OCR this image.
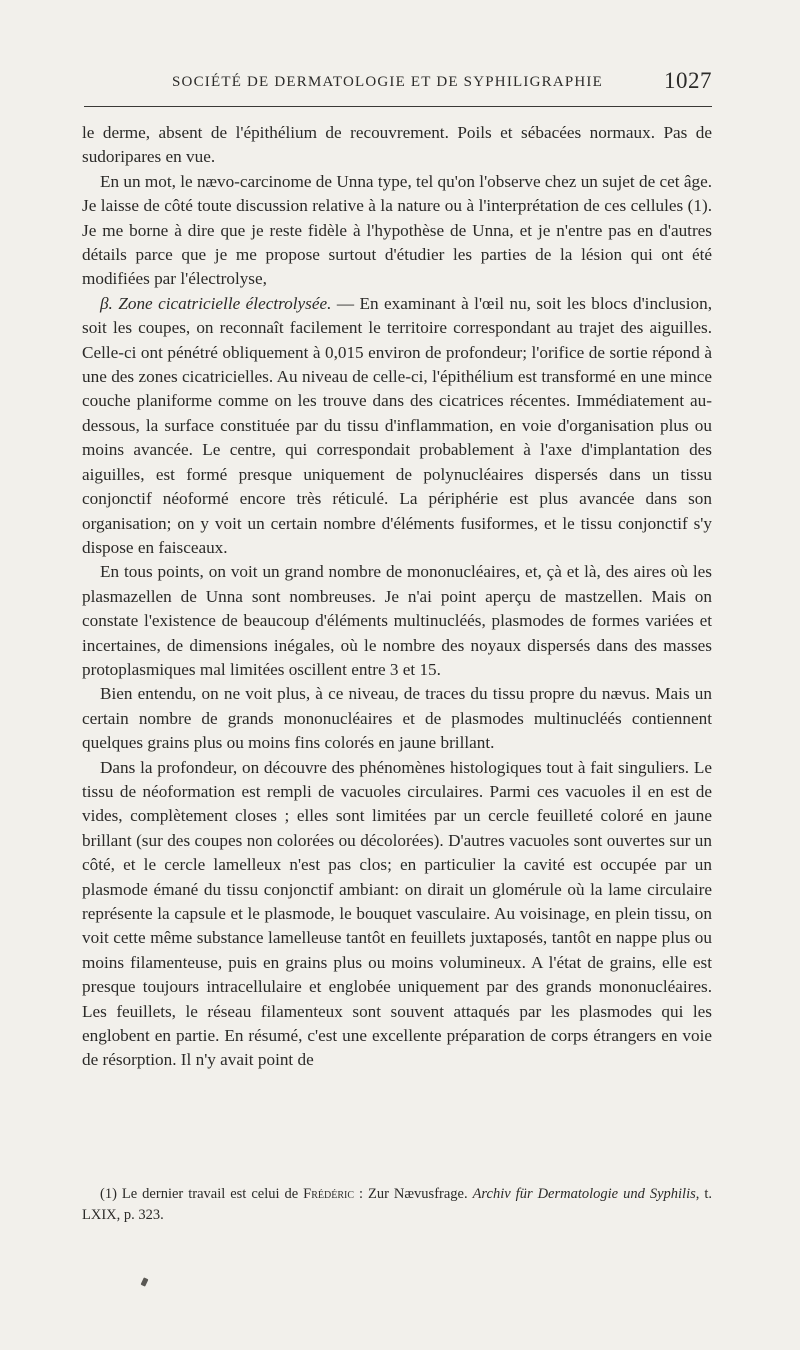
SOCIÉTÉ DE DERMATOLOGIE ET DE SYPHILIGRAPHIE	1027

le derme, absent de l'épithélium de recouvrement. Poils et sébacées normaux. Pas de sudoripares en vue.

En un mot, le nævo-carcinome de Unna type, tel qu'on l'observe chez un sujet de cet âge. Je laisse de côté toute discussion relative à la nature ou à l'interprétation de ces cellules (1). Je me borne à dire que je reste fidèle à l'hypothèse de Unna, et je n'entre pas en d'autres détails parce que je me propose surtout d'étudier les parties de la lésion qui ont été modifiées par l'électrolyse,

β. Zone cicatricielle électrolysée. — En examinant à l'œil nu, soit les blocs d'inclusion, soit les coupes, on reconnaît facilement le territoire correspondant au trajet des aiguilles. Celle-ci ont pénétré obliquement à 0,015 environ de profondeur; l'orifice de sortie répond à une des zones cicatricielles. Au niveau de celle-ci, l'épithélium est transformé en une mince couche planiforme comme on les trouve dans des cicatrices récentes. Immédiatement au-dessous, la surface constituée par du tissu d'inflammation, en voie d'organisation plus ou moins avancée. Le centre, qui correspondait probablement à l'axe d'implantation des aiguilles, est formé presque uniquement de polynucléaires dispersés dans un tissu conjonctif néoformé encore très réticulé. La périphérie est plus avancée dans son organisation; on y voit un certain nombre d'éléments fusiformes, et le tissu conjonctif s'y dispose en faisceaux.

En tous points, on voit un grand nombre de mononucléaires, et, çà et là, des aires où les plasmazellen de Unna sont nombreuses. Je n'ai point aperçu de mastzellen. Mais on constate l'existence de beaucoup d'éléments multinucléés, plasmodes de formes variées et incertaines, de dimensions inégales, où le nombre des noyaux dispersés dans des masses protoplasmiques mal limitées oscillent entre 3 et 15.

Bien entendu, on ne voit plus, à ce niveau, de traces du tissu propre du nævus. Mais un certain nombre de grands mononucléaires et de plasmodes multinucléés contiennent quelques grains plus ou moins fins colorés en jaune brillant.

Dans la profondeur, on découvre des phénomènes histologiques tout à fait singuliers. Le tissu de néoformation est rempli de vacuoles circulaires. Parmi ces vacuoles il en est de vides, complètement closes ; elles sont limitées par un cercle feuilleté coloré en jaune brillant (sur des coupes non colorées ou décolorées). D'autres vacuoles sont ouvertes sur un côté, et le cercle lamelleux n'est pas clos; en particulier la cavité est occupée par un plasmode émané du tissu conjonctif ambiant: on dirait un glomérule où la lame circulaire représente la capsule et le plasmode, le bouquet vasculaire. Au voisinage, en plein tissu, on voit cette même substance lamelleuse tantôt en feuillets juxtaposés, tantôt en nappe plus ou moins filamenteuse, puis en grains plus ou moins volumineux. A l'état de grains, elle est presque toujours intracellulaire et englobée uniquement par des grands mononucléaires. Les feuillets, le réseau filamenteux sont souvent attaqués par les plasmodes qui les englobent en partie. En résumé, c'est une excellente préparation de corps étrangers en voie de résorption. Il n'y avait point de

(1) Le dernier travail est celui de Frédéric : Zur Nævusfrage. Archiv für Dermatologie und Syphilis, t. LXIX, p. 323.
